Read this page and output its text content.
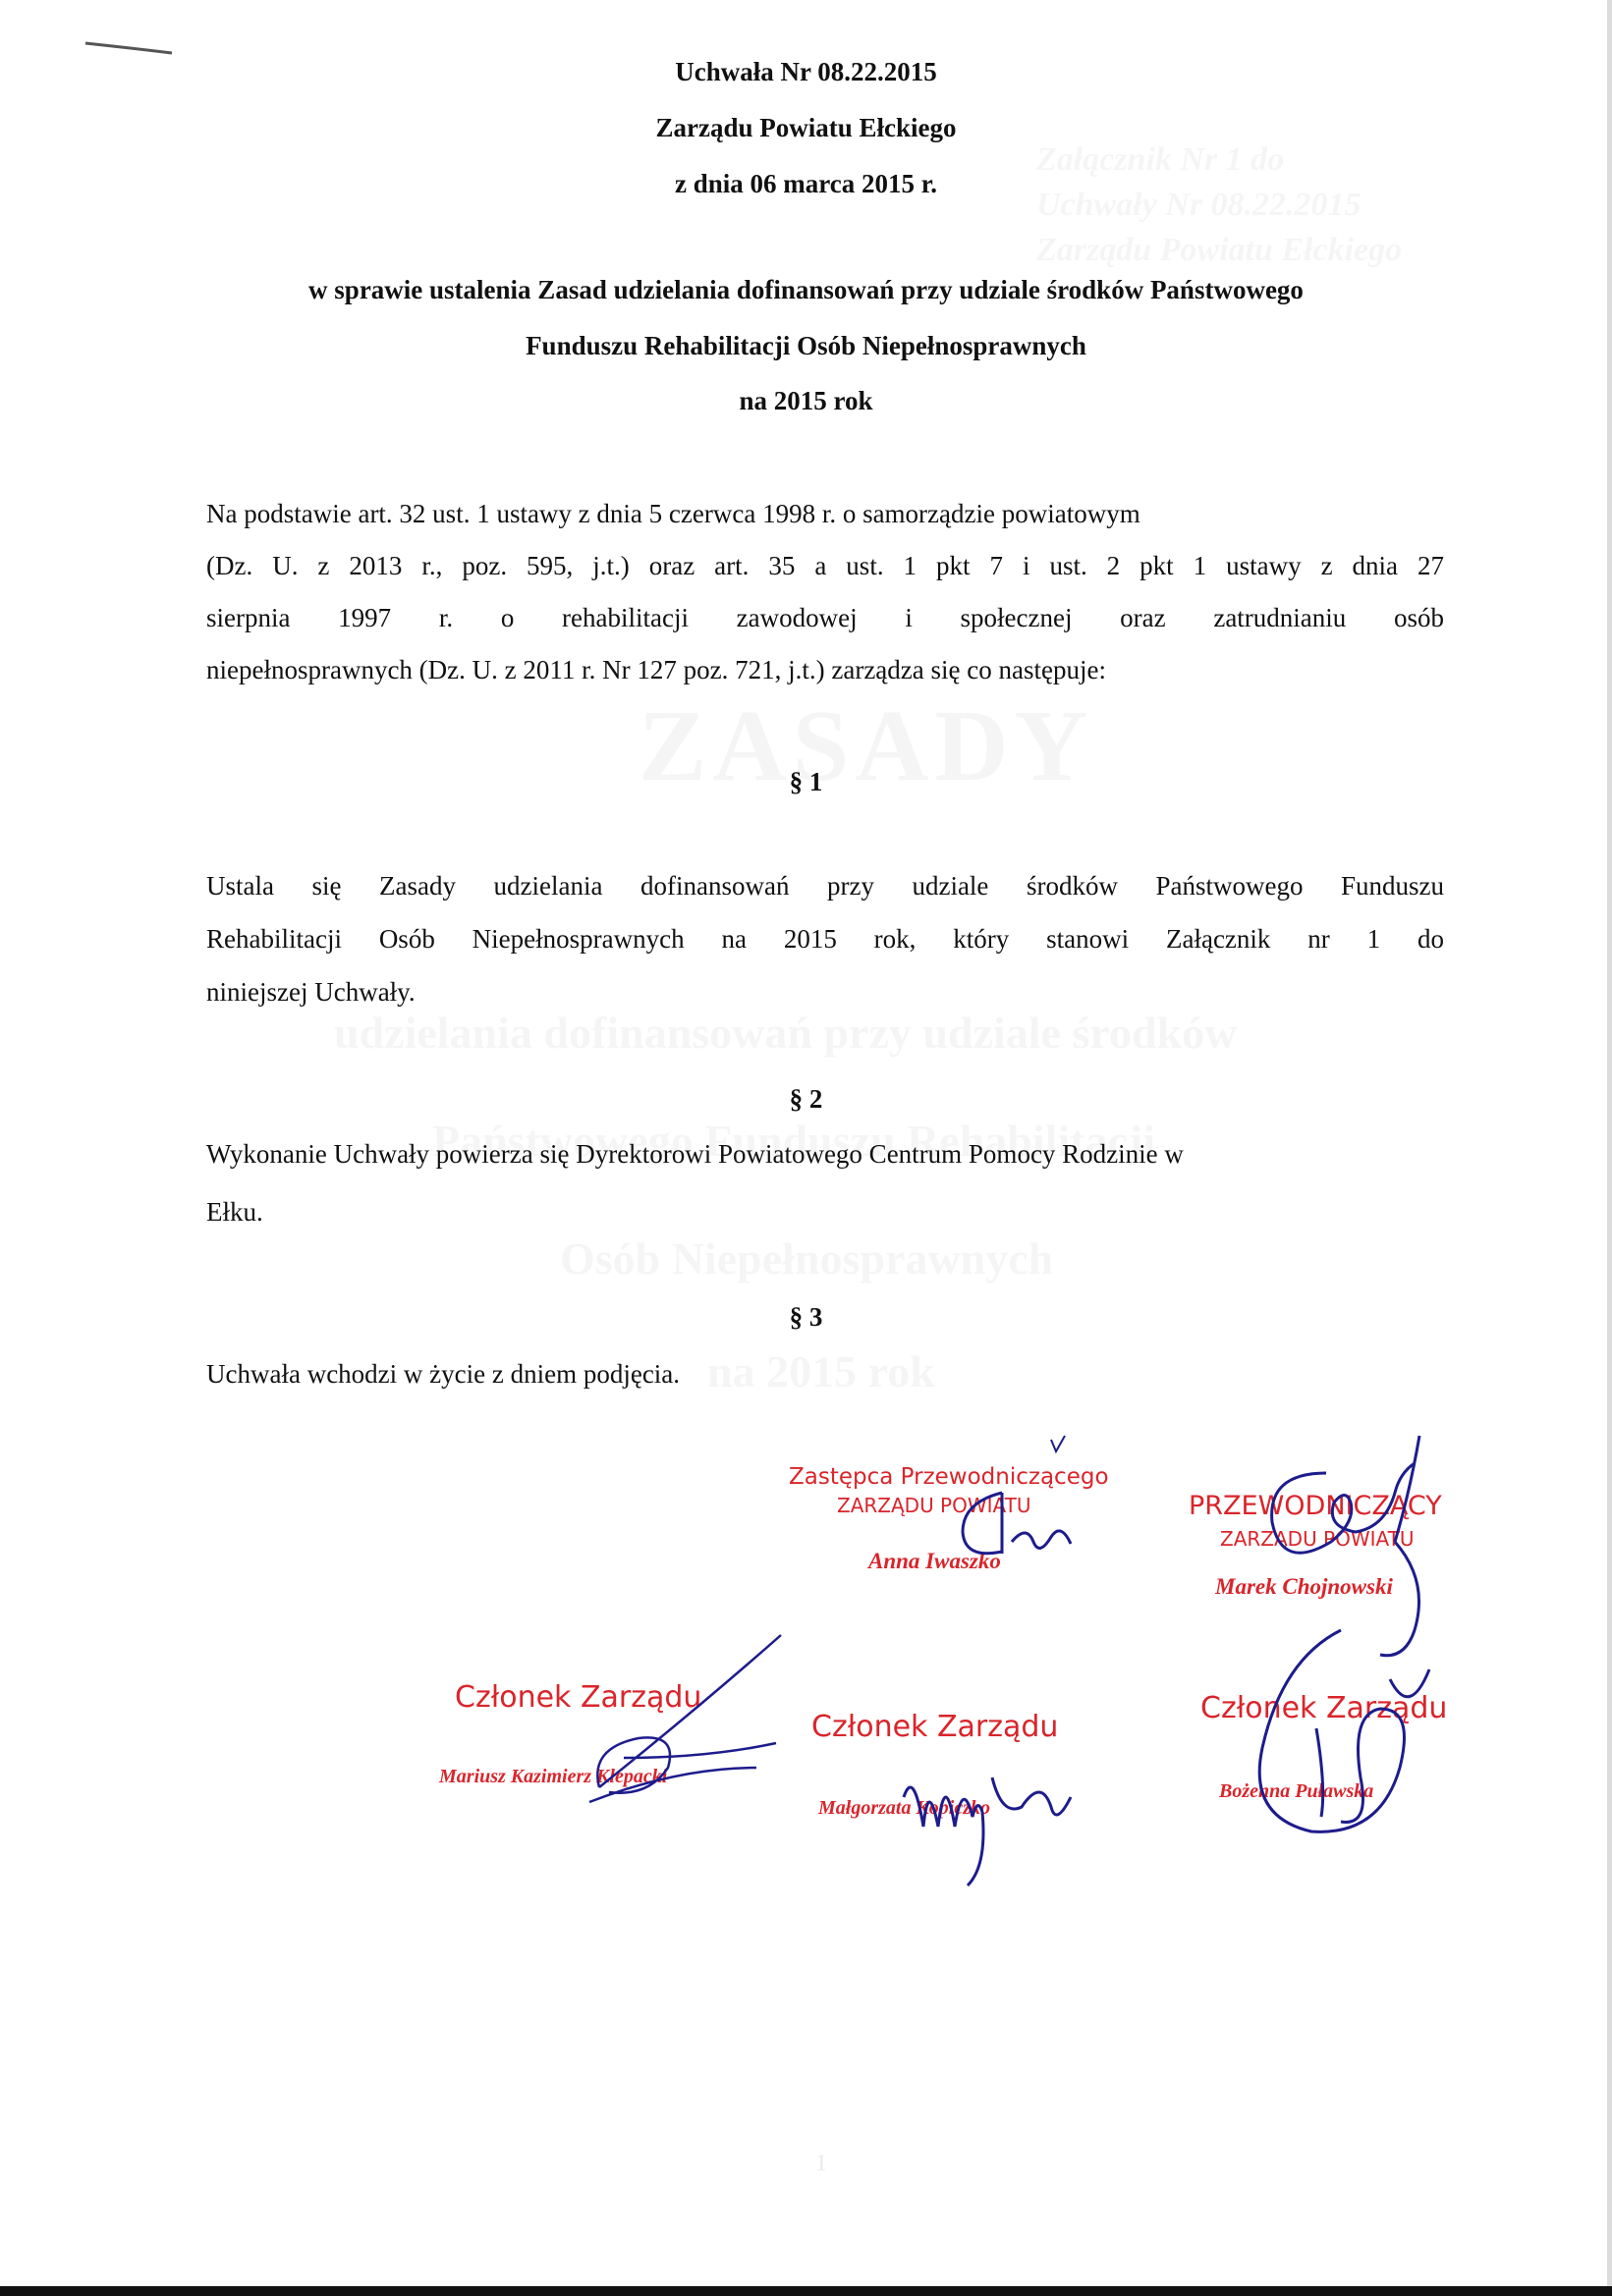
1
Uchwała Nr 08.22.2015
Zarządu Powiatu Ełckiego
z dnia 06 marca 2015 r.
w sprawie ustalenia Zasad udzielania dofinansowań przy udziale środków Państwowego
Funduszu Rehabilitacji Osób Niepełnosprawnych
na 2015 rok
Na podstawie art. 32 ust. 1 ustawy z dnia 5 czerwca 1998 r. o samorządzie powiatowym
(Dz. U. z 2013 r., poz. 595, j.t.) oraz art. 35 a ust. 1 pkt 7 i ust. 2 pkt 1 ustawy z dnia 27
sierpnia 1997 r. o rehabilitacji zawodowej i społecznej oraz zatrudnianiu osób
niepełnosprawnych (Dz. U. z 2011 r. Nr 127 poz. 721, j.t.) zarządza się co następuje:
§ 1
Ustala się Zasady udzielania dofinansowań przy udziale środków Państwowego Funduszu
Rehabilitacji Osób Niepełnosprawnych na 2015 rok, który stanowi Załącznik nr 1 do
niniejszej Uchwały.
§ 2
Wykonanie Uchwały powierza się Dyrektorowi Powiatowego Centrum Pomocy Rodzinie w
Ełku.
§ 3
Uchwała wchodzi w życie z dniem podjęcia.
Zastępca Przewodniczącego
ZARZĄDU POWIATU
Anna Iwaszko
PRZEWODNICZĄCY
ZARZĄDU POWIATU
Marek Chojnowski
Członek Zarządu
Mariusz Kazimierz Klepacki
Członek Zarządu
Małgorzata Kopiczko
Członek Zarządu
Bożenna Puławska
